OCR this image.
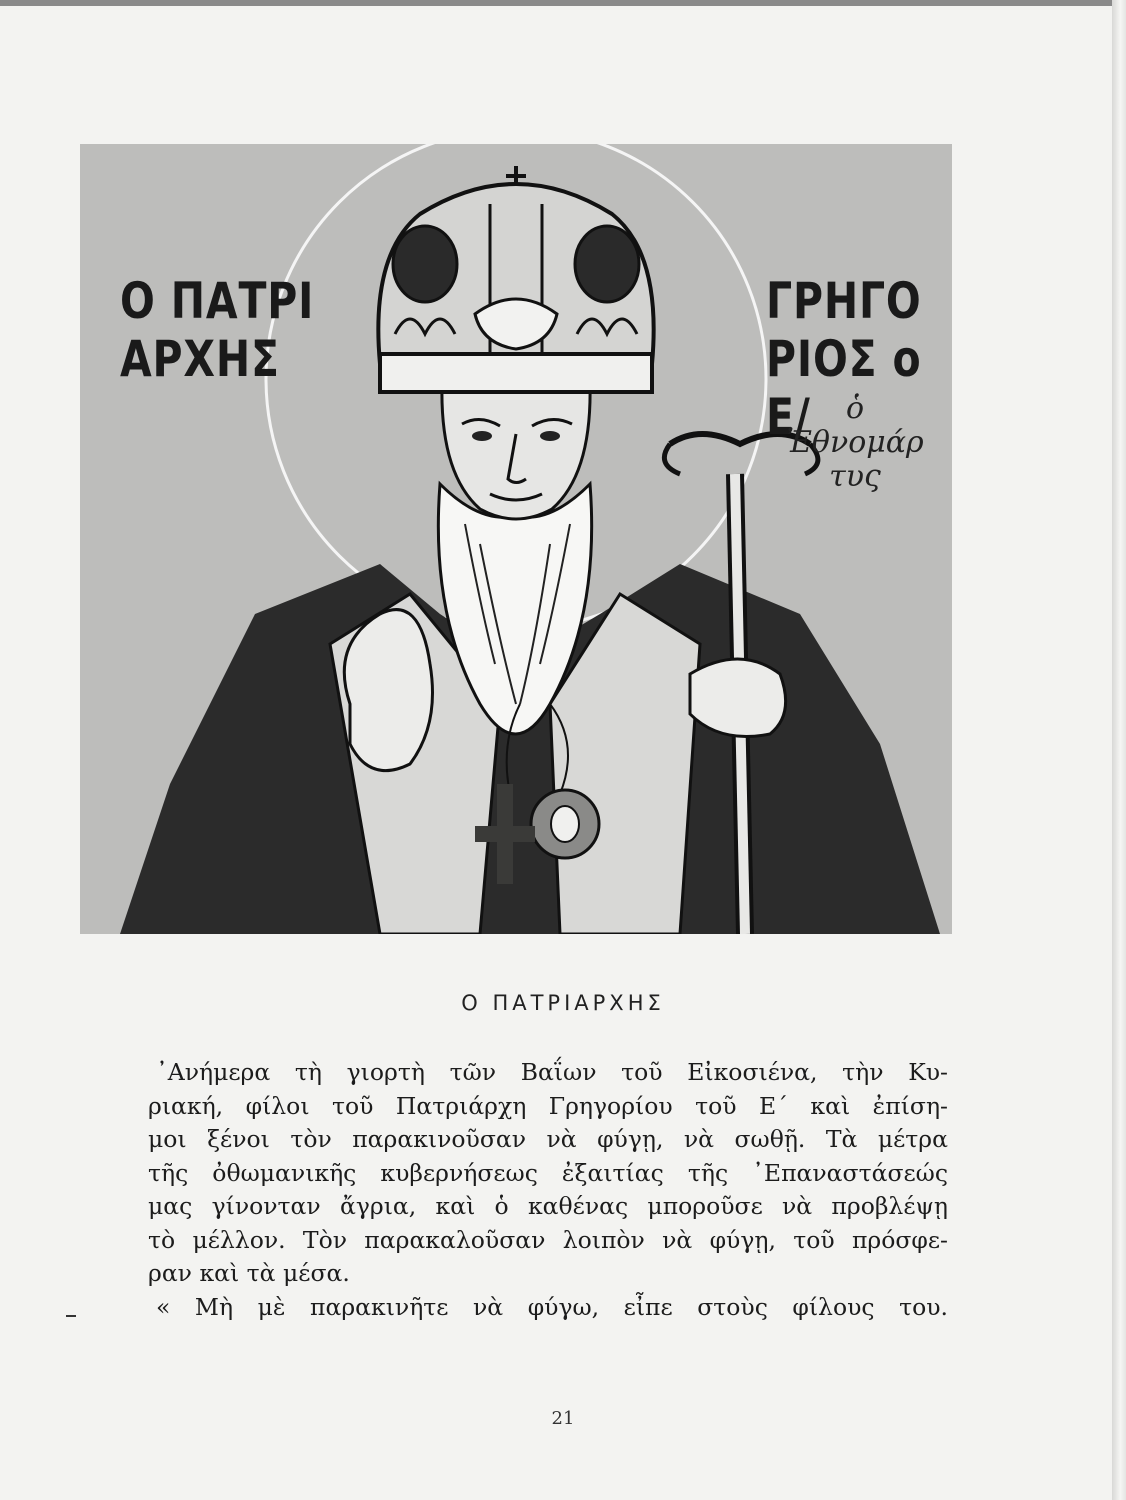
Ο ΠΑΤΡΙ
ΑΡΧΗΣ
ΓΡΗΓΟ
ΡΙΟΣ ο Ε/	ὁ Ἐθνομάρ
τυς
Ο ΠΑΤΡΙΑΡΧΗΣ
᾿Ανήμερα τὴ γιορτὴ τῶν Βαΐων τοῦ Εἰκοσιένα, τὴν Κυ-
ριακή, φίλοι τοῦ Πατριάρχη Γρηγορίου τοῦ Ε΄ καὶ ἐπίση-
μοι ξένοι τὸν παρακινοῦσαν νὰ φύγῃ, νὰ σωθῇ. Τὰ μέτρα
τῆς ὀθωμανικῆς κυβερνήσεως ἐξαιτίας τῆς ᾿Επαναστάσεώς
μας γίνονταν ἄγρια, καὶ ὁ καθένας μποροῦσε νὰ προβλέψῃ
τὸ μέλλον. Τὸν παρακαλοῦσαν λοιπὸν νὰ φύγῃ, τοῦ πρόσφε-
ραν καὶ τὰ μέσα.
« Μὴ μὲ παρακινῆτε νὰ φύγω, εἶπε στοὺς φίλους του.
21
